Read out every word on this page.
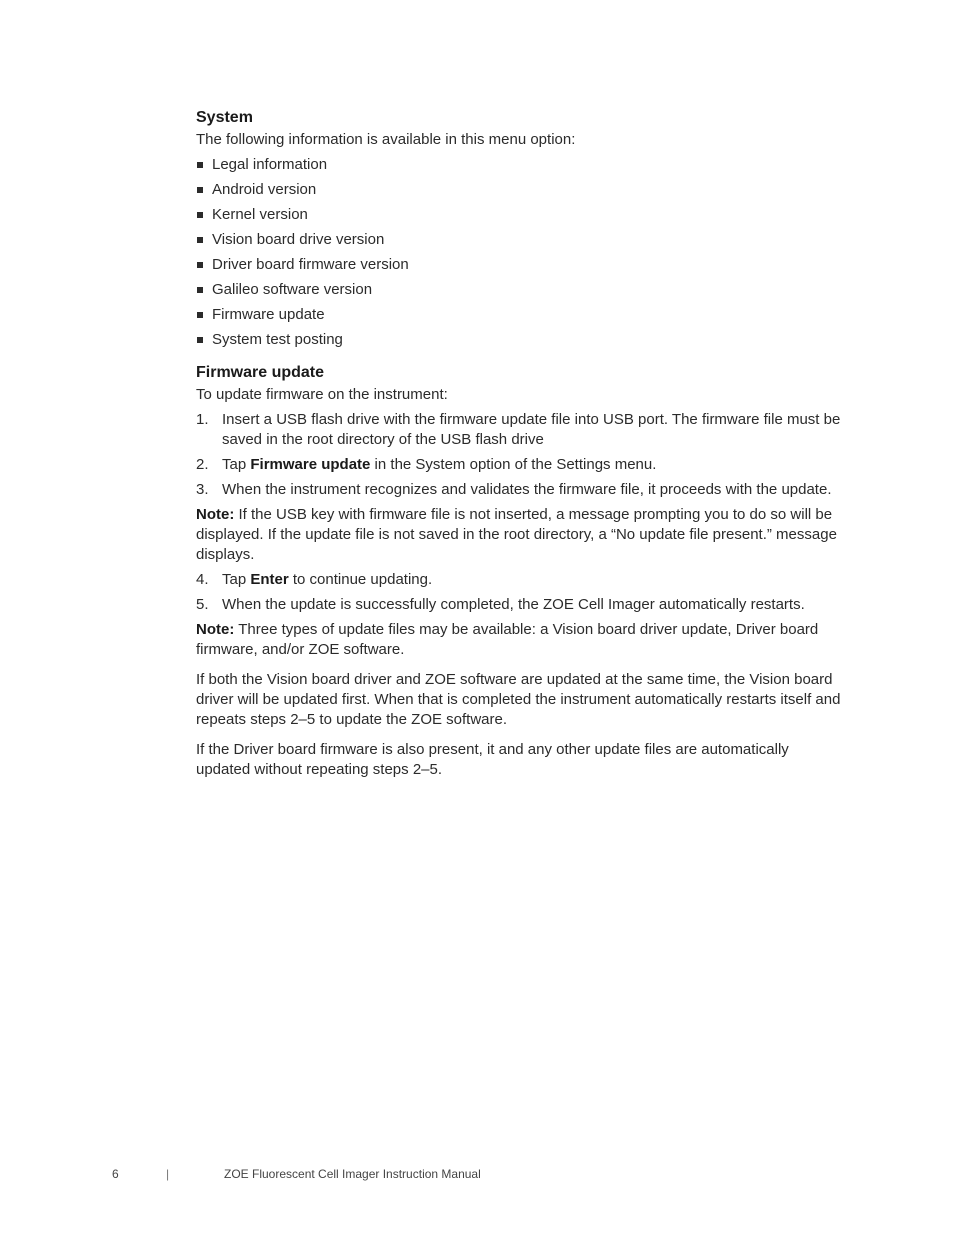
System

The following information is available in this menu option:

Legal information
Android version
Kernel version
Vision board drive version
Driver board firmware version
Galileo software version
Firmware update
System test posting
Firmware update

To update firmware on the instrument:

1. Insert a USB flash drive with the firmware update file into USB port. The firmware file must be saved in the root directory of the USB flash drive
2. Tap Firmware update in the System option of the Settings menu.
3. When the instrument recognizes and validates the firmware file, it proceeds with the update.

Note: If the USB key with firmware file is not inserted, a message prompting you to do so will be displayed. If the update file is not saved in the root directory, a “No update file present.” message displays.

4. Tap Enter to continue updating.
5. When the update is successfully completed, the ZOE Cell Imager automatically restarts.

Note: Three types of update files may be available: a Vision board driver update, Driver board firmware, and/or ZOE software.

If both the Vision board driver and ZOE software are updated at the same time, the Vision board driver will be updated first. When that is completed the instrument automatically restarts itself and repeats steps 2–5 to update the ZOE software.

If the Driver board firmware is also present, it and any other update files are automatically updated without repeating steps 2–5.

6	|	ZOE Fluorescent Cell Imager Instruction Manual
